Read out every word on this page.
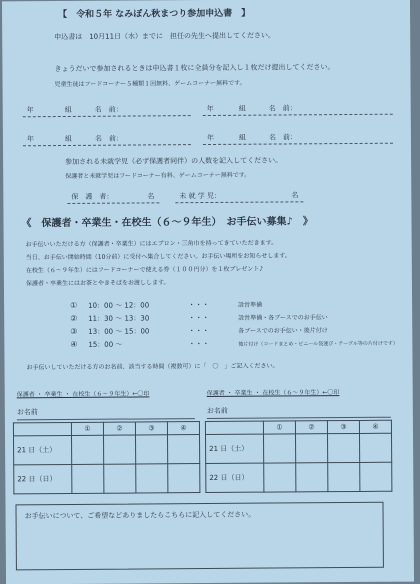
【　令和５年 なみぽん秋まつり参加申込書　】
申込書は　10月11日（水）までに　担任の先生へ提出してください。
きょうだいで参加されるときは申込書１枚に全員分を記入し１枚だけ提出してください。
児童生徒はフードコーナー５種類１回無料、ゲームコーナー無料です。
年	組	名　前：	年	組	名　前：
年	組	名　前：	年	組	名　前：
参加される未就学児（必ず保護者同伴）の人数を記入してください。
保護者と未就学児はフードコーナー有料、ゲームコーナー無料です。
保　護　者：	名	未 就 学 児：	名
《　保護者・卒業生・在校生（６～９年生）　お手伝い募集♪　》
お手伝いいただける方（保護者・卒業生）にはエプロン・三角巾を持ってきていただきます。
当日、お手伝い開始時間（10分前）に受付へ集合してください。お手伝い場所をお知らせします。
在校生（６～９年生）にはフードコーナーで使える券（１００円分）を１枚プレゼント♪
保護者・卒業生にはお茶とやきそばをお渡しします。
① 10：00 ～ 12：00	・・・	設営準備
② 11：30 ～ 13：30	・・・	設営準備・各ブースでのお手伝い
③ 13：00 ～ 15：00	・・・	各ブースでのお手伝い・後片付け
④ 15：00 ～	・・・	後片付け（コードまとめ・ビニール袋運び・テーブル等の片付けです）
お手伝いしていただける方のお名前、該当する時間（複数可）に「　〇　」ご記入ください。
保護者 ・ 卒業生 ・ 在校生（６～９年生）←〇印
お名前
	①	②	③	④
21 日（土）				
22 日（日）				
保護者 ・ 卒業生 ・ 在校生（６～９年生）←〇印
お名前
	①	②	③	④
21 日（土）				
22 日（日）				
お手伝いについて、ご希望などありましたらこちらに記入してください。
